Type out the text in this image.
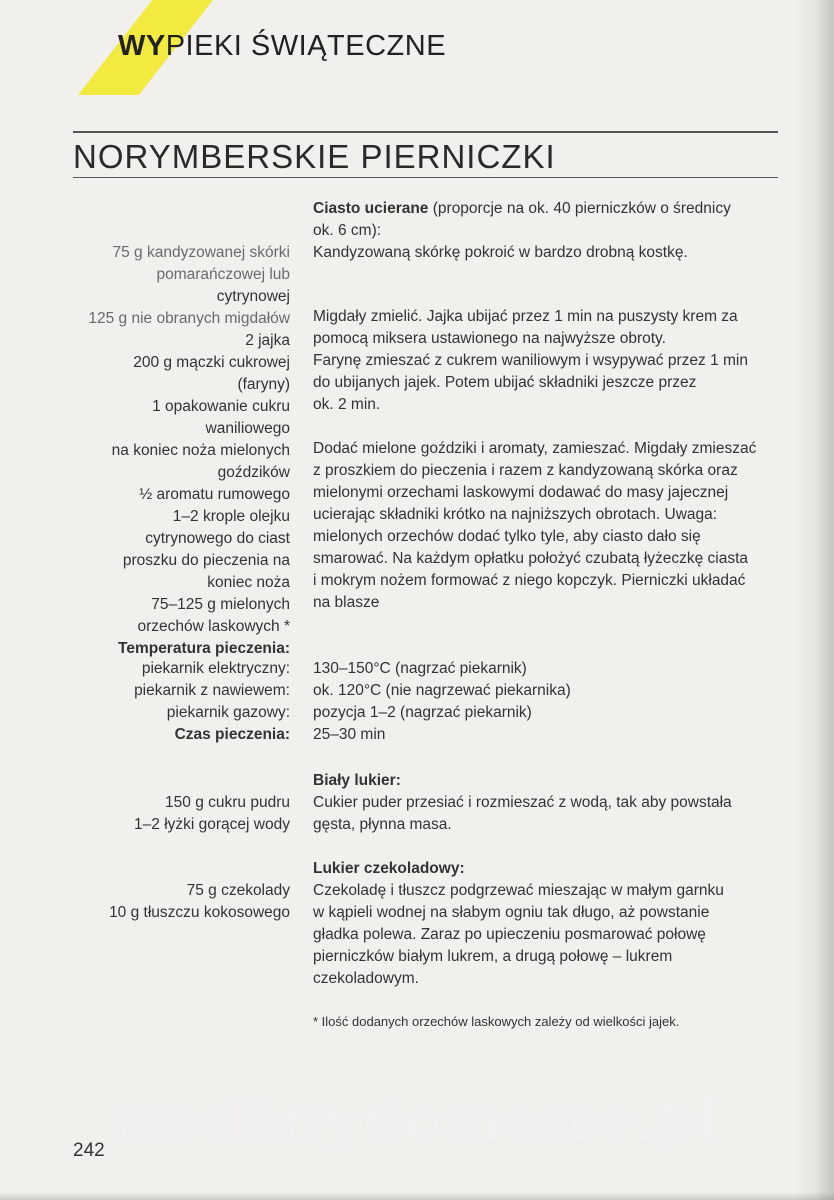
WYPIEKI ŚWIĄTECZNE
NORYMBERSKIE PIERNICZKI
75 g kandyzowanej skórki
pomarańczowej lub
cytrynowej
125 g nie obranych migdałów
2 jajka
200 g mączki cukrowej
(faryny)
1 opakowanie cukru
waniliowego
na koniec noża mielonych
goździków
½ aromatu rumowego
1–2 krople olejku
cytrynowego do ciast
proszku do pieczenia na
koniec noża
75–125 g mielonych
orzechów laskowych *
Temperatura pieczenia:
piekarnik elektryczny:
piekarnik z nawiewem:
piekarnik gazowy:
Czas pieczenia:
150 g cukru pudru
1–2 łyżki gorącej wody
75 g czekolady
10 g tłuszczu kokosowego
Ciasto ucierane (proporcje na ok. 40 pierniczków o średnicy
ok. 6 cm):
Kandyzowaną skórkę pokroić w bardzo drobną kostkę.
Migdały zmielić. Jajka ubijać przez 1 min na puszysty krem za
pomocą miksera ustawionego na najwyższe obroty.
Farynę zmieszać z cukrem waniliowym i wsypywać przez 1 min
do ubijanych jajek. Potem ubijać składniki jeszcze przez
ok. 2 min.
Dodać mielone goździki i aromaty, zamieszać. Migdały zmieszać
z proszkiem do pieczenia i razem z kandyzowaną skórka oraz
mielonymi orzechami laskowymi dodawać do masy jajecznej
ucierając składniki krótko na najniższych obrotach. Uwaga:
mielonych orzechów dodać tylko tyle, aby ciasto dało się
smarować. Na każdym opłatku położyć czubatą łyżeczkę ciasta
i mokrym nożem formować z niego kopczyk. Pierniczki układać
na blasze
130–150°C (nagrzać piekarnik)
ok. 120°C (nie nagrzewać piekarnika)
pozycja 1–2 (nagrzać piekarnik)
25–30 min
Biały lukier:
Cukier puder przesiać i rozmieszać z wodą, tak aby powstała
gęsta, płynna masa.
Lukier czekoladowy:
Czekoladę i tłuszcz podgrzewać mieszając w małym garnku
w kąpieli wodnej na słabym ogniu tak długo, aż powstanie
gładka polewa. Zaraz po upieczeniu posmarować połowę
pierniczków białym lukrem, a drugą połowę – lukrem
czekoladowym.
* Ilość dodanych orzechów laskowych zależy od wielkości jajek.
wedlinydomowe.pl
242
